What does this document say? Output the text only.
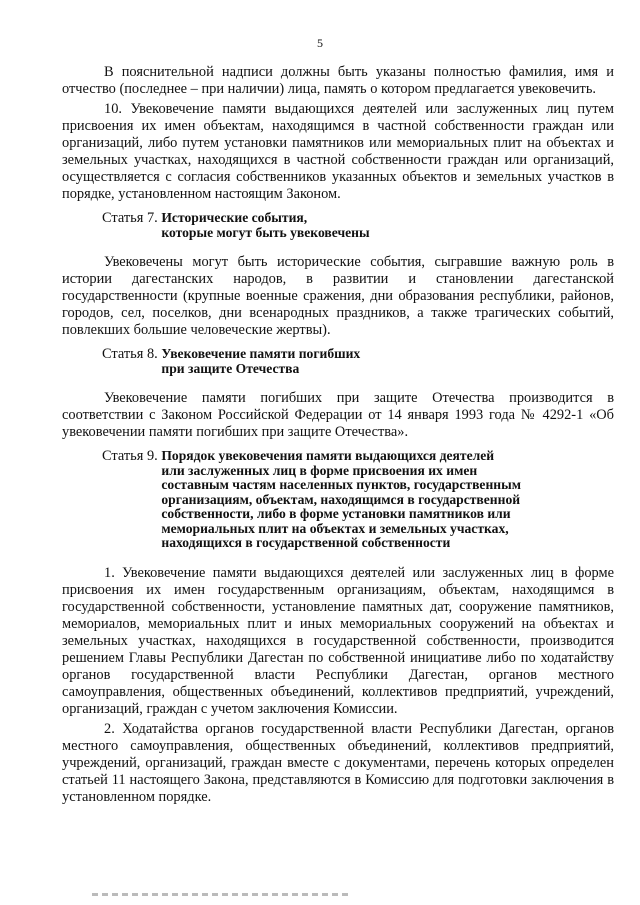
5

В пояснительной надписи должны быть указаны полностью фамилия, имя и отчество (последнее – при наличии) лица, память о котором предлагается увековечить.

10. Увековечение памяти выдающихся деятелей или заслуженных лиц путем присвоения их имен объектам, находящимся в частной собственности граждан или организаций, либо путем установки памятников или мемориальных плит на объектах и земельных участках, находящихся в частной собственности граждан или организаций, осуществляется с согласия собственников указанных объектов и земельных участков в порядке, установленном настоящим Законом.

Статья 7. Исторические события,
которые могут быть увековечены

Увековечены могут быть исторические события, сыгравшие важную роль в истории дагестанских народов, в развитии и становлении дагестанской государственности (крупные военные сражения, дни образования республики, районов, городов, сел, поселков, дни всенародных праздников, а также трагических событий, повлекших большие человеческие жертвы).

Статья 8. Увековечение памяти погибших
при защите Отечества

Увековечение памяти погибших при защите Отечества производится в соответствии с Законом Российской Федерации от 14 января 1993 года № 4292-1 «Об увековечении памяти погибших при защите Отечества».

Статья 9. Порядок увековечения памяти выдающихся деятелей
или заслуженных лиц в форме присвоения их имен
составным частям населенных пунктов, государственным
организациям, объектам, находящимся в государственной
собственности, либо в форме установки памятников или
мемориальных плит на объектах и земельных участках,
находящихся в государственной собственности

1. Увековечение памяти выдающихся деятелей или заслуженных лиц в форме присвоения их имен государственным организациям, объектам, находящимся в государственной собственности, установление памятных дат, сооружение памятников, мемориалов, мемориальных плит и иных мемориальных сооружений на объектах и земельных участках, находящихся в государственной собственности, производится решением Главы Республики Дагестан по собственной инициативе либо по ходатайству органов государственной власти Республики Дагестан, органов местного самоуправления, общественных объединений, коллективов предприятий, учреждений, организаций, граждан с учетом заключения Комиссии.

2. Ходатайства органов государственной власти Республики Дагестан, органов местного самоуправления, общественных объединений, коллективов предприятий, учреждений, организаций, граждан вместе с документами, перечень которых определен статьей 11 настоящего Закона, представляются в Комиссию для подготовки заключения в установленном порядке.
